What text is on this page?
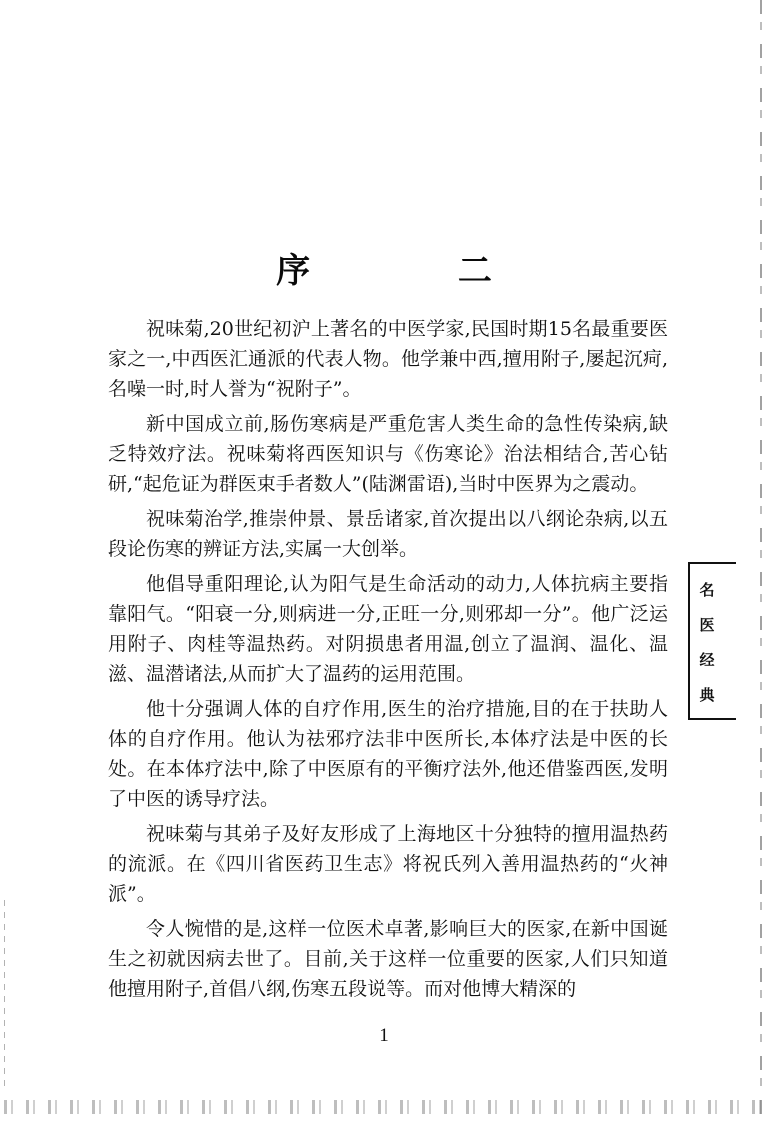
序 二

祝味菊,20世纪初沪上著名的中医学家,民国时期15名最重要医家之一,中西医汇通派的代表人物。他学兼中西,擅用附子,屡起沉疴,名噪一时,时人誉为“祝附子”。

新中国成立前,肠伤寒病是严重危害人类生命的急性传染病,缺乏特效疗法。祝味菊将西医知识与《伤寒论》治法相结合,苦心钻研,“起危证为群医束手者数人”(陆渊雷语),当时中医界为之震动。

祝味菊治学,推崇仲景、景岳诸家,首次提出以八纲论杂病,以五段论伤寒的辨证方法,实属一大创举。

他倡导重阳理论,认为阳气是生命活动的动力,人体抗病主要指靠阳气。“阳衰一分,则病进一分,正旺一分,则邪却一分”。他广泛运用附子、肉桂等温热药。对阴损患者用温,创立了温润、温化、温滋、温潜诸法,从而扩大了温药的运用范围。

他十分强调人体的自疗作用,医生的治疗措施,目的在于扶助人体的自疗作用。他认为祛邪疗法非中医所长,本体疗法是中医的长处。在本体疗法中,除了中医原有的平衡疗法外,他还借鉴西医,发明了中医的诱导疗法。

祝味菊与其弟子及好友形成了上海地区十分独特的擅用温热药的流派。在《四川省医药卫生志》将祝氏列入善用温热药的“火神派”。

令人惋惜的是,这样一位医术卓著,影响巨大的医家,在新中国诞生之初就因病去世了。目前,关于这样一位重要的医家,人们只知道他擅用附子,首倡八纲,伤寒五段说等。而对他博大精深的

名
医
经
典
1
